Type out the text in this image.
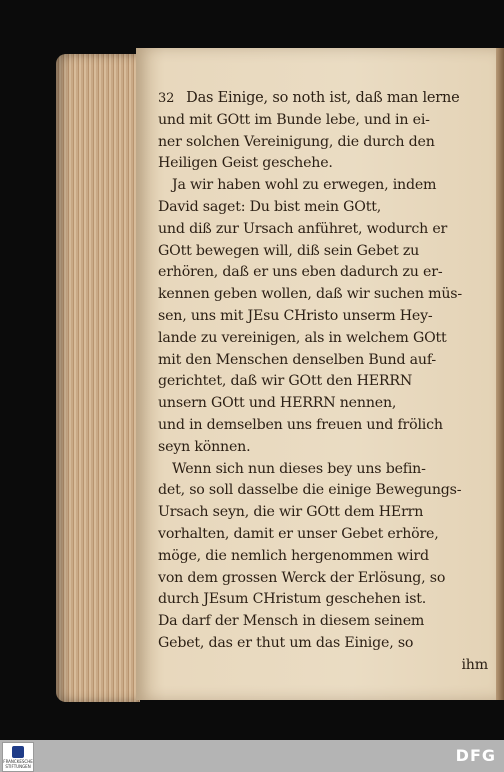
32 Das Einige, so noth ist, daß man lerne
und mit GOtt im Bunde lebe, und in ei-
ner solchen Vereinigung, die durch den
Heiligen Geist geschehe.
Ja wir haben wohl zu erwegen, indem
David saget: Du bist mein GOtt,
und diß zur Ursach anführet, wodurch er
GOtt bewegen will, diß sein Gebet zu
erhören, daß er uns eben dadurch zu er-
kennen geben wollen, daß wir suchen müs-
sen, uns mit JEsu CHristo unserm Hey-
lande zu vereinigen, als in welchem GOtt
mit den Menschen denselben Bund auf-
gerichtet, daß wir GOtt den HERRN
unsern GOtt und HERRN nennen,
und in demselben uns freuen und frölich
seyn können.
Wenn sich nun dieses bey uns befin-
det, so soll dasselbe die einige Bewegungs-
Ursach seyn, die wir GOtt dem HErrn
vorhalten, damit er unser Gebet erhöre,
möge, die nemlich hergenommen wird
von dem grossen Werck der Erlösung, so
durch JEsum CHristum geschehen ist.
Da darf der Mensch in diesem seinem
Gebet, das er thut um das Einige, so
ihm
FRANCKESCHE STIFTUNGEN
DFG
